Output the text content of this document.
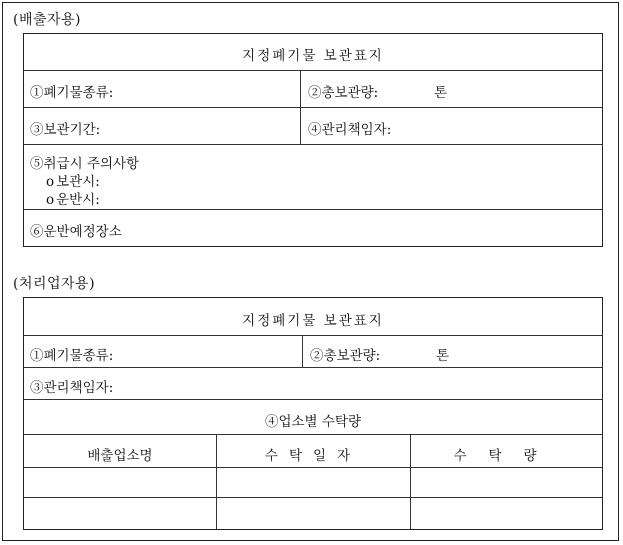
(배출자용)
지정폐기물 보관표지
①폐기물종류:	②총보관량:	톤
③보관기간:	④관리책임자:
⑤취급시 주의사항
o 보관시:
o 운반시:
⑥운반예정장소
(처리업자용)
지정폐기물 보관표지
①폐기물종류:	②총보관량:	톤
③관리책임자:
④업소별 수탁량
배출업소명	수탁일자	수탁량
